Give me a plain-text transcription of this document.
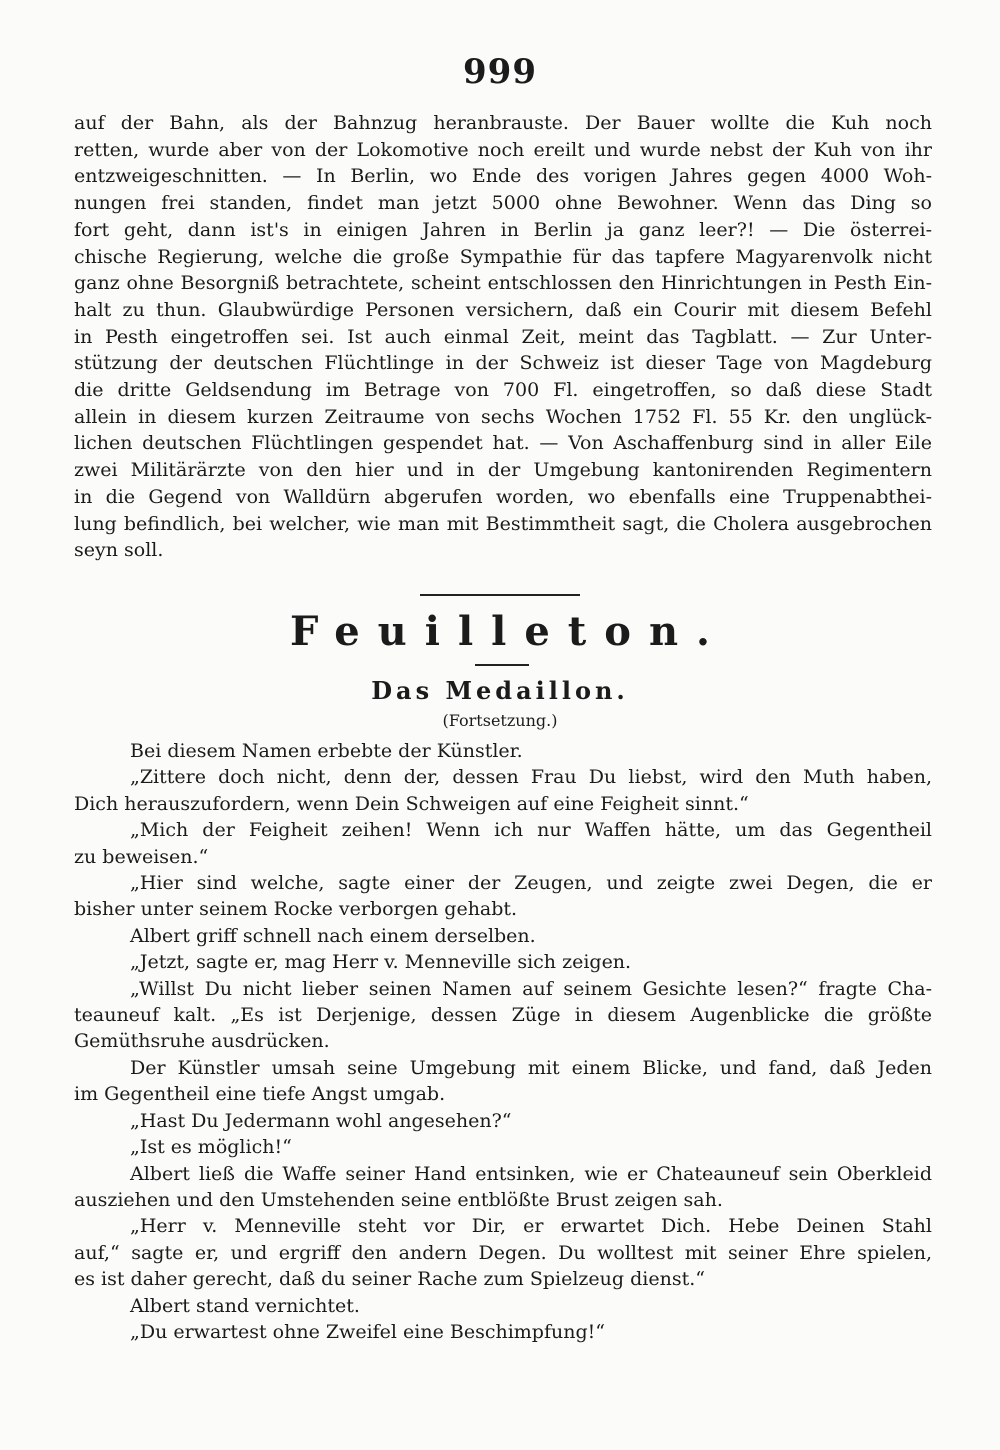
999
auf der Bahn, als der Bahnzug heranbrauste. Der Bauer wollte die Kuh noch
retten, wurde aber von der Lokomotive noch ereilt und wurde nebst der Kuh von ihr
entzweigeschnitten. — In Berlin, wo Ende des vorigen Jahres gegen 4000 Woh-
nungen frei standen, findet man jetzt 5000 ohne Bewohner. Wenn das Ding so
fort geht, dann ist's in einigen Jahren in Berlin ja ganz leer?! — Die österrei-
chische Regierung, welche die große Sympathie für das tapfere Magyarenvolk nicht
ganz ohne Besorgniß betrachtete, scheint entschlossen den Hinrichtungen in Pesth Ein-
halt zu thun. Glaubwürdige Personen versichern, daß ein Courir mit diesem Befehl
in Pesth eingetroffen sei. Ist auch einmal Zeit, meint das Tagblatt. — Zur Unter-
stützung der deutschen Flüchtlinge in der Schweiz ist dieser Tage von Magdeburg
die dritte Geldsendung im Betrage von 700 Fl. eingetroffen, so daß diese Stadt
allein in diesem kurzen Zeitraume von sechs Wochen 1752 Fl. 55 Kr. den unglück-
lichen deutschen Flüchtlingen gespendet hat. — Von Aschaffenburg sind in aller Eile
zwei Militärärzte von den hier und in der Umgebung kantonirenden Regimentern
in die Gegend von Walldürn abgerufen worden, wo ebenfalls eine Truppenabthei-
lung befindlich, bei welcher, wie man mit Bestimmtheit sagt, die Cholera ausgebrochen
seyn soll.
Feuilleton.
Das Medaillon.
(Fortsetzung.)
Bei diesem Namen erbebte der Künstler.
„Zittere doch nicht, denn der, dessen Frau Du liebst, wird den Muth haben,
Dich herauszufordern, wenn Dein Schweigen auf eine Feigheit sinnt.“
„Mich der Feigheit zeihen! Wenn ich nur Waffen hätte, um das Gegentheil
zu beweisen.“
„Hier sind welche, sagte einer der Zeugen, und zeigte zwei Degen, die er
bisher unter seinem Rocke verborgen gehabt.
Albert griff schnell nach einem derselben.
„Jetzt, sagte er, mag Herr v. Menneville sich zeigen.
„Willst Du nicht lieber seinen Namen auf seinem Gesichte lesen?“ fragte Cha-
teauneuf kalt. „Es ist Derjenige, dessen Züge in diesem Augenblicke die größte
Gemüthsruhe ausdrücken.
Der Künstler umsah seine Umgebung mit einem Blicke, und fand, daß Jeden
im Gegentheil eine tiefe Angst umgab.
„Hast Du Jedermann wohl angesehen?“
„Ist es möglich!“
Albert ließ die Waffe seiner Hand entsinken, wie er Chateauneuf sein Oberkleid
ausziehen und den Umstehenden seine entblößte Brust zeigen sah.
„Herr v. Menneville steht vor Dir, er erwartet Dich. Hebe Deinen Stahl
auf,“ sagte er, und ergriff den andern Degen. Du wolltest mit seiner Ehre spielen,
es ist daher gerecht, daß du seiner Rache zum Spielzeug dienst.“
Albert stand vernichtet.
„Du erwartest ohne Zweifel eine Beschimpfung!“
